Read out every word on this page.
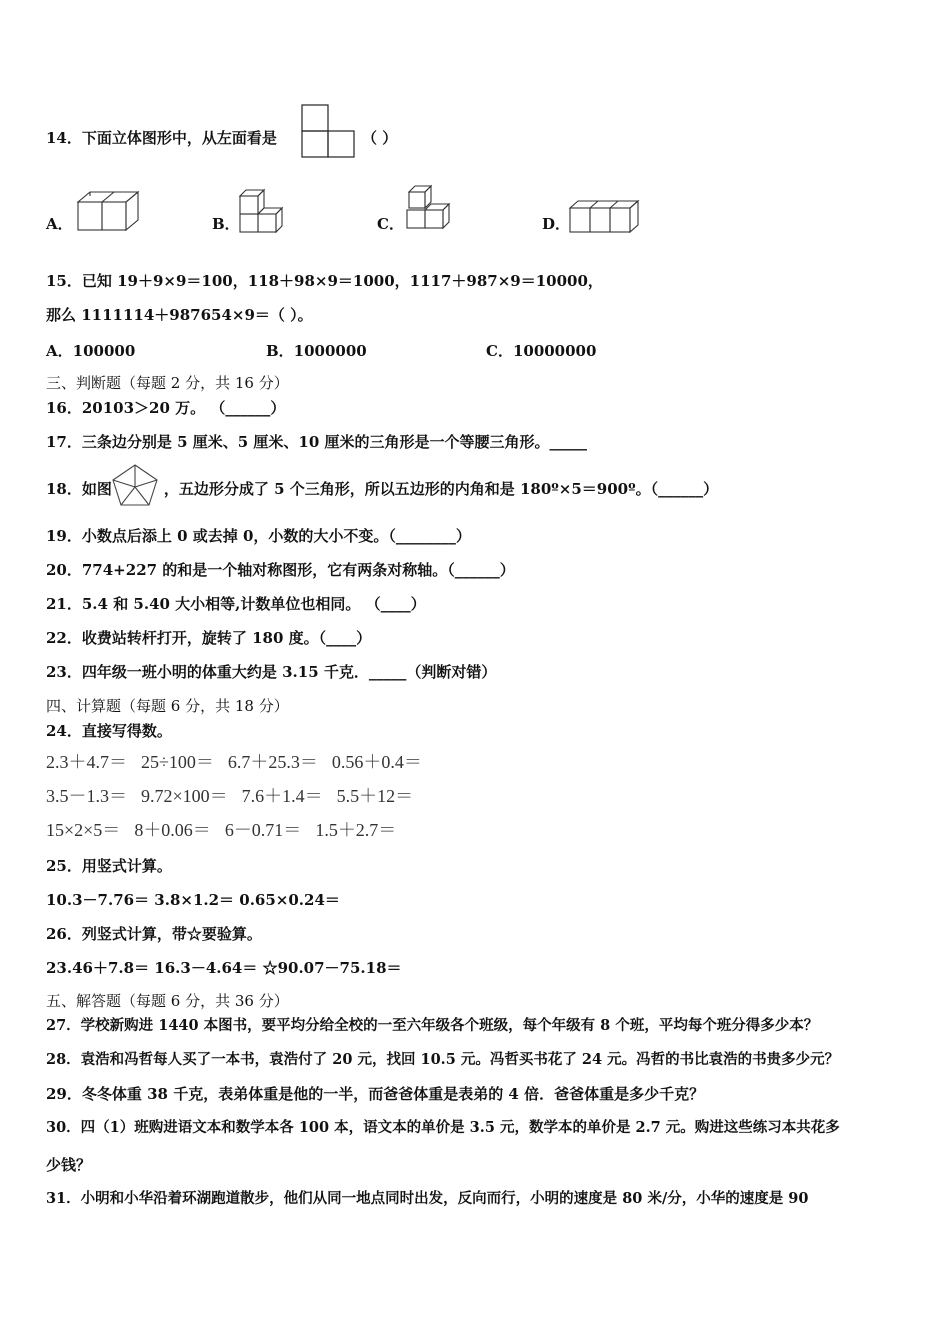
14．下面立体图形中，从左面看是	（ ）
A．	B．	C．	D．
15．已知 19＋9×9＝100，118＋98×9＝1000，1117＋987×9＝10000，
那么 1111114＋987654×9＝（ ）。
A．100000	B．1000000	C．10000000
三、判断题（每题 2 分，共 16 分）
16．20103＞20 万。 （______）
17．三条边分别是 5 厘米、5 厘米、10 厘米的三角形是一个等腰三角形。_____
18．如图	，五边形分成了 5 个三角形，所以五边形的内角和是 180º×5＝900º。（______）
19．小数点后添上 0 或去掉 0，小数的大小不变。（________）
20．774+227 的和是一个轴对称图形，它有两条对称轴。（______）
21．5.4 和 5.40 大小相等,计数单位也相同。 （____）
22．收费站转杆打开，旋转了 180 度。（____）
23．四年级一班小明的体重大约是 3.15 千克．_____（判断对错）
四、计算题（每题 6 分，共 18 分）
24．直接写得数。
2.3＋4.7＝ 25÷100＝ 6.7＋25.3＝ 0.56＋0.4＝
3.5－1.3＝ 9.72×100＝ 7.6＋1.4＝ 5.5＋12＝
15×2×5＝ 8＋0.06＝ 6－0.71＝ 1.5＋2.7＝
25．用竖式计算。
10.3－7.76＝ 3.8×1.2＝ 0.65×0.24＝
26．列竖式计算，带☆要验算。
23.46＋7.8＝ 16.3－4.64＝ ☆90.07－75.18＝
五、解答题（每题 6 分，共 36 分）
27．学校新购进 1440 本图书，要平均分给全校的一至六年级各个班级，每个年级有 8 个班，平均每个班分得多少本？
28．袁浩和冯哲每人买了一本书，袁浩付了 20 元，找回 10.5 元。冯哲买书花了 24 元。冯哲的书比袁浩的书贵多少元？
29．冬冬体重 38 千克，表弟体重是他的一半，而爸爸体重是表弟的 4 倍．爸爸体重是多少千克？
30．四（1）班购进语文本和数学本各 100 本，语文本的单价是 3.5 元，数学本的单价是 2.7 元。购进这些练习本共花多
少钱？
31．小明和小华沿着环湖跑道散步，他们从同一地点同时出发，反向而行，小明的速度是 80 米/分，小华的速度是 90
